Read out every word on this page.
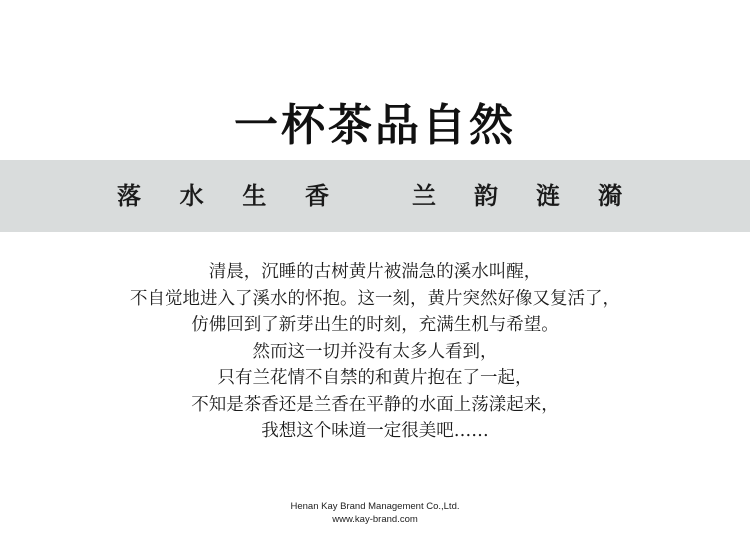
一杯茶品自然
落 水 生 香	兰 韵 涟 漪
清晨，沉睡的古树黄片被湍急的溪水叫醒，
不自觉地进入了溪水的怀抱。这一刻，黄片突然好像又复活了，
仿佛回到了新芽出生的时刻，充满生机与希望。
然而这一切并没有太多人看到，
只有兰花情不自禁的和黄片抱在了一起，
不知是茶香还是兰香在平静的水面上荡漾起来，
我想这个味道一定很美吧……
Henan Kay Brand Management Co.,Ltd.
www.kay-brand.com
